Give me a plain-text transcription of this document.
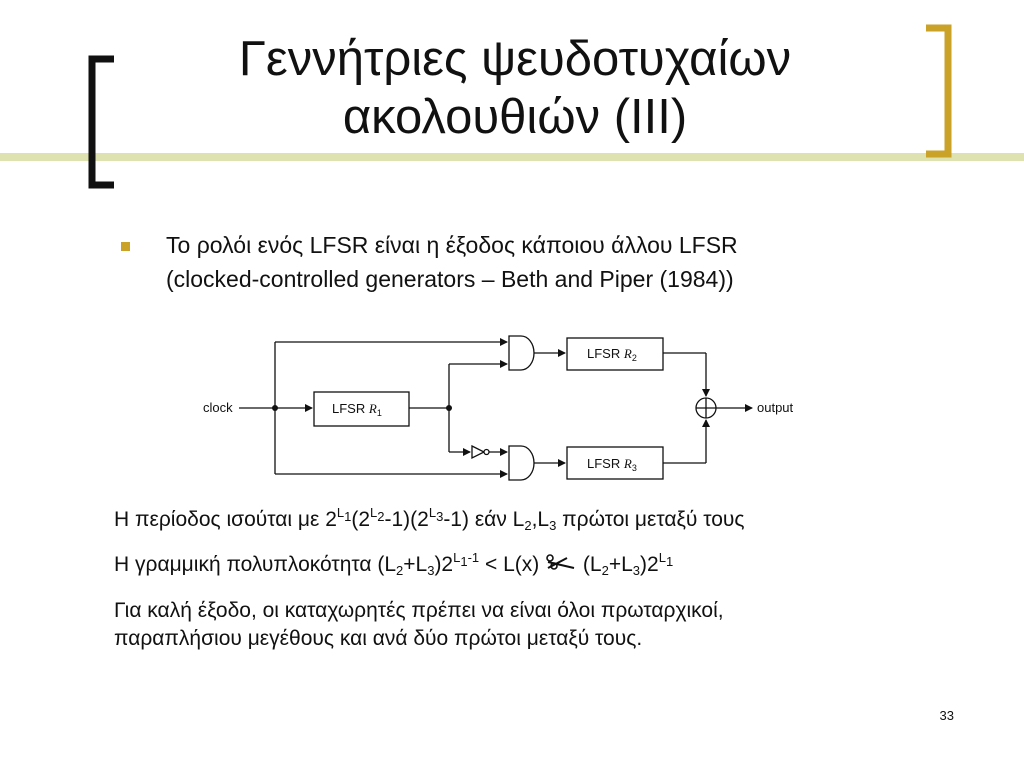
Γεννήτριες ψευδοτυχαίων
ακολουθιών (ΙΙΙ)
Το ρολόι ενός LFSR είναι η έξοδος κάποιου άλλου LFSR
(clocked-controlled generators – Beth and Piper (1984))
clock	output
LFSR $R_1$
LFSR $R_2$
LFSR $R_3$
Η περίοδος ισούται με $2^{L_1}(2^{L_2}-1)(2^{L_3}-1)$ εάν $L_2,L_3$ πρώτοι μεταξύ τους
Η γραμμική πολυπλοκότητα $(L_2+L_3)2^{L_1-1} < L(x)$  $(L_2+L_3)2^{L_1}$
Για καλή έξοδο, οι καταχωρητές πρέπει να είναι όλοι πρωταρχικοί,
παραπλήσιου μεγέθους και ανά δύο πρώτοι μεταξύ τους.
33
